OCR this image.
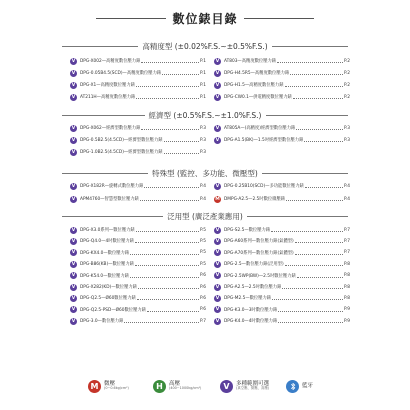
數位錶目錄
高精度型 (±0.02%F.S.~±0.5%F.S.)
經濟型 (±0.5%F.S.~±1.0%F.S.)
特殊型 (監控、多功能、微壓型)
泛用型 (廣泛產業應用)
V	DPG-X002—高精度數位壓力錶	P.1
V	DPG-0.05B4.5(SCD)—高精度數位壓力錶	P.1
V	DPG-X1—高精度數位壓力錶	P.1
V	AT211H—高精度數位壓力錶	P.1
V	AT803—高精度數位壓力錶	P.2
V	DPG-H4.5R5—高精度數位壓力錶	P.2
V	DPG-H1.5—高精度數位壓力錶	P.2
V	DPG-CW0.1—供電精度數位壓力錶	P.2
V	DPG-X062—經濟型數位壓力錶	P.3
V	DPG-0.5B2.5(4.5CD)—經濟型數位壓力錶	P.3
V	DPG-1.0B2.5(4.5CD)—經濟型數位壓力錶	P.3
V	AT805A—(高精度)經濟型數位壓力錶	P.3
V	DPG-A1.5(BK)—1.5吋經濟型數位壓力錶	P.3
V	DPG-X182R—旋轉式數位壓力錶	P.4
V	APM4760—智慧型數位壓力錶	P.4
V	DPG-0.25B10(SCD)—多功能數位壓力錶	P.4
M DMPG-A2.5—2.5吋數位微壓錶	P.4
V	DPG-X3.0系列—數位壓力錶	P.5
V	DPG-Q4.0—4吋數位壓力錶	P.5
V	DPG-KX4.0—數位壓力錶	P.5
V	DPG-B86(KB)—數位壓力錶	P.5
V	DPG-K54.0—數位壓力錶	P.6
V	DPG-X282(KD)—數位壓力錶	P.6
V	DPG-Q2.5—Ø60數位壓力錶	P.6
V	DPG-Q2.5-PSD—Ø60數位壓力錶	P.6
V	DPG-3.0—數位壓力錶	P.7
V	DPG-S2.5—數位壓力錶	P.7
V	DPG-A60系列—數位壓力錶(氣體型)	P.7
V	DPG-A70系列—數位壓力錶(氣體型)	P.7
V	DPG-2.5—數位壓力錶(泛用型)	P.8
V	DPG-2.5WP(BW)—2.5吋數位壓力錶	P.8
V	DPG-A2.5—2.5吋數位壓力錶	P.8
V	DPG-M2.5—數位壓力錶	P.8
V	DPG-K3.0—3吋數位壓力錶	P.9
V	DPG-K4.0—4吋數位壓力錶	P.9
M	微壓
(0~0.6kg/cm²)	H	高壓
(400~1000kg/cm²)	V	多種範圍可選
(真空壓、微壓、高壓)	藍牙
